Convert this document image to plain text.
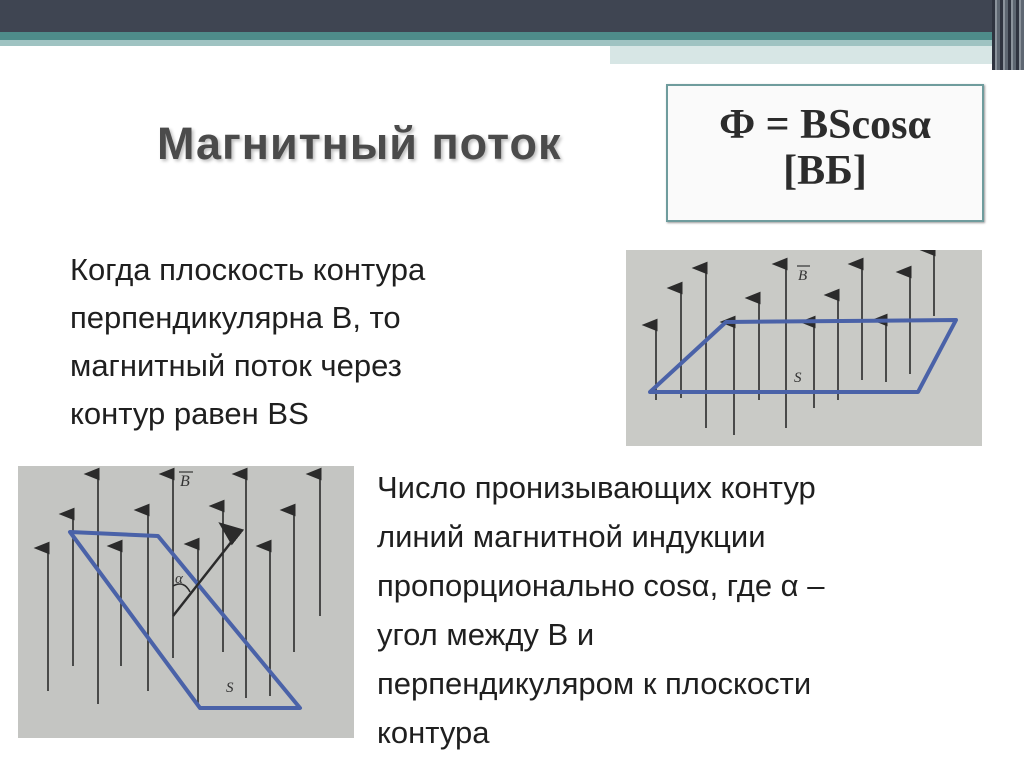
Магнитный поток	Ф = BScosα
[ВБ]
Когда плоскость контура
перпендикулярна В, то
магнитный поток через
контур равен BS
Число пронизывающих контур
линий магнитной индукции
пропорционально cosα, где α –
угол между В и
перпендикуляром к плоскости
контура
B
S
B
α
S
